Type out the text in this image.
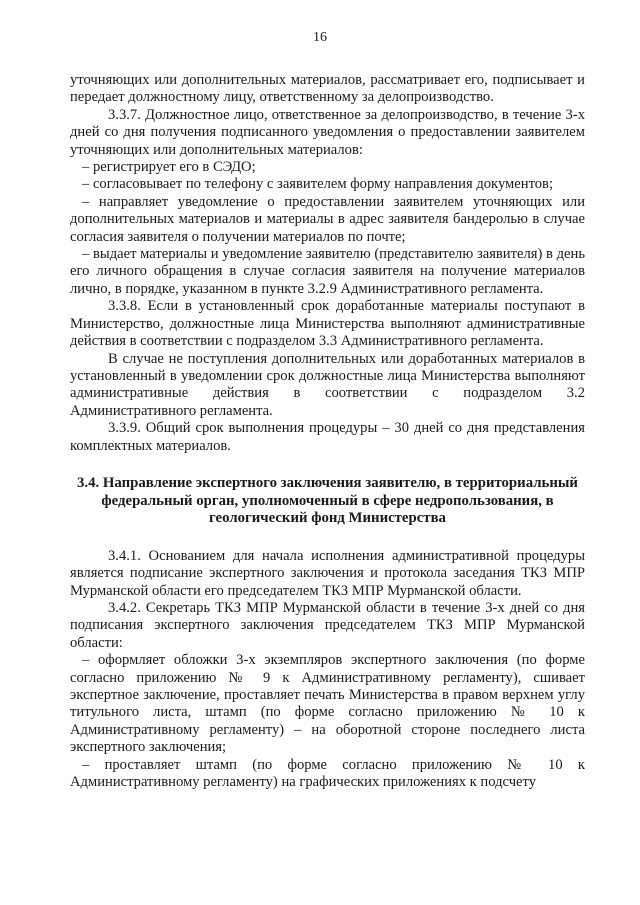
16

уточняющих или дополнительных материалов, рассматривает его, подписывает и передает должностному лицу, ответственному за делопроизводство.

3.3.7. Должностное лицо, ответственное за делопроизводство, в течение 3-х дней со дня получения подписанного уведомления о предоставлении заявителем уточняющих или дополнительных материалов:

– регистрирует его в СЭДО;

– согласовывает по телефону с заявителем форму направления документов;

– направляет уведомление о предоставлении заявителем уточняющих или дополнительных материалов и материалы в адрес заявителя бандеролью в случае согласия заявителя о получении материалов по почте;

– выдает материалы и уведомление заявителю (представителю заявителя) в день его личного обращения в случае согласия заявителя на получение материалов лично, в порядке, указанном в пункте 3.2.9 Административного регламента.

3.3.8. Если в установленный срок доработанные материалы поступают в Министерство, должностные лица Министерства выполняют административные действия в соответствии с подразделом 3.3 Административного регламента.

В случае не поступления дополнительных или доработанных материалов в установленный в уведомлении срок должностные лица Министерства выполняют административные действия в соответствии с подразделом 3.2 Административного регламента.

3.3.9. Общий срок выполнения процедуры – 30 дней со дня представления комплектных материалов.

3.4. Направление экспертного заключения заявителю, в территориальный федеральный орган, уполномоченный в сфере недропользования, в геологический фонд Министерства

3.4.1. Основанием для начала исполнения административной процедуры является подписание экспертного заключения и протокола заседания ТКЗ МПР Мурманской области его председателем ТКЗ МПР Мурманской области.

3.4.2. Секретарь ТКЗ МПР Мурманской области в течение 3-х дней со дня подписания экспертного заключения председателем ТКЗ МПР Мурманской области:

– оформляет обложки 3-х экземпляров экспертного заключения (по форме согласно приложению № 9 к Административному регламенту), сшивает экспертное заключение, проставляет печать Министерства в правом верхнем углу титульного листа, штамп (по форме согласно приложению № 10 к Административному регламенту) – на оборотной стороне последнего листа экспертного заключения;

– проставляет штамп (по форме согласно приложению № 10 к Административному регламенту) на графических приложениях к подсчету
